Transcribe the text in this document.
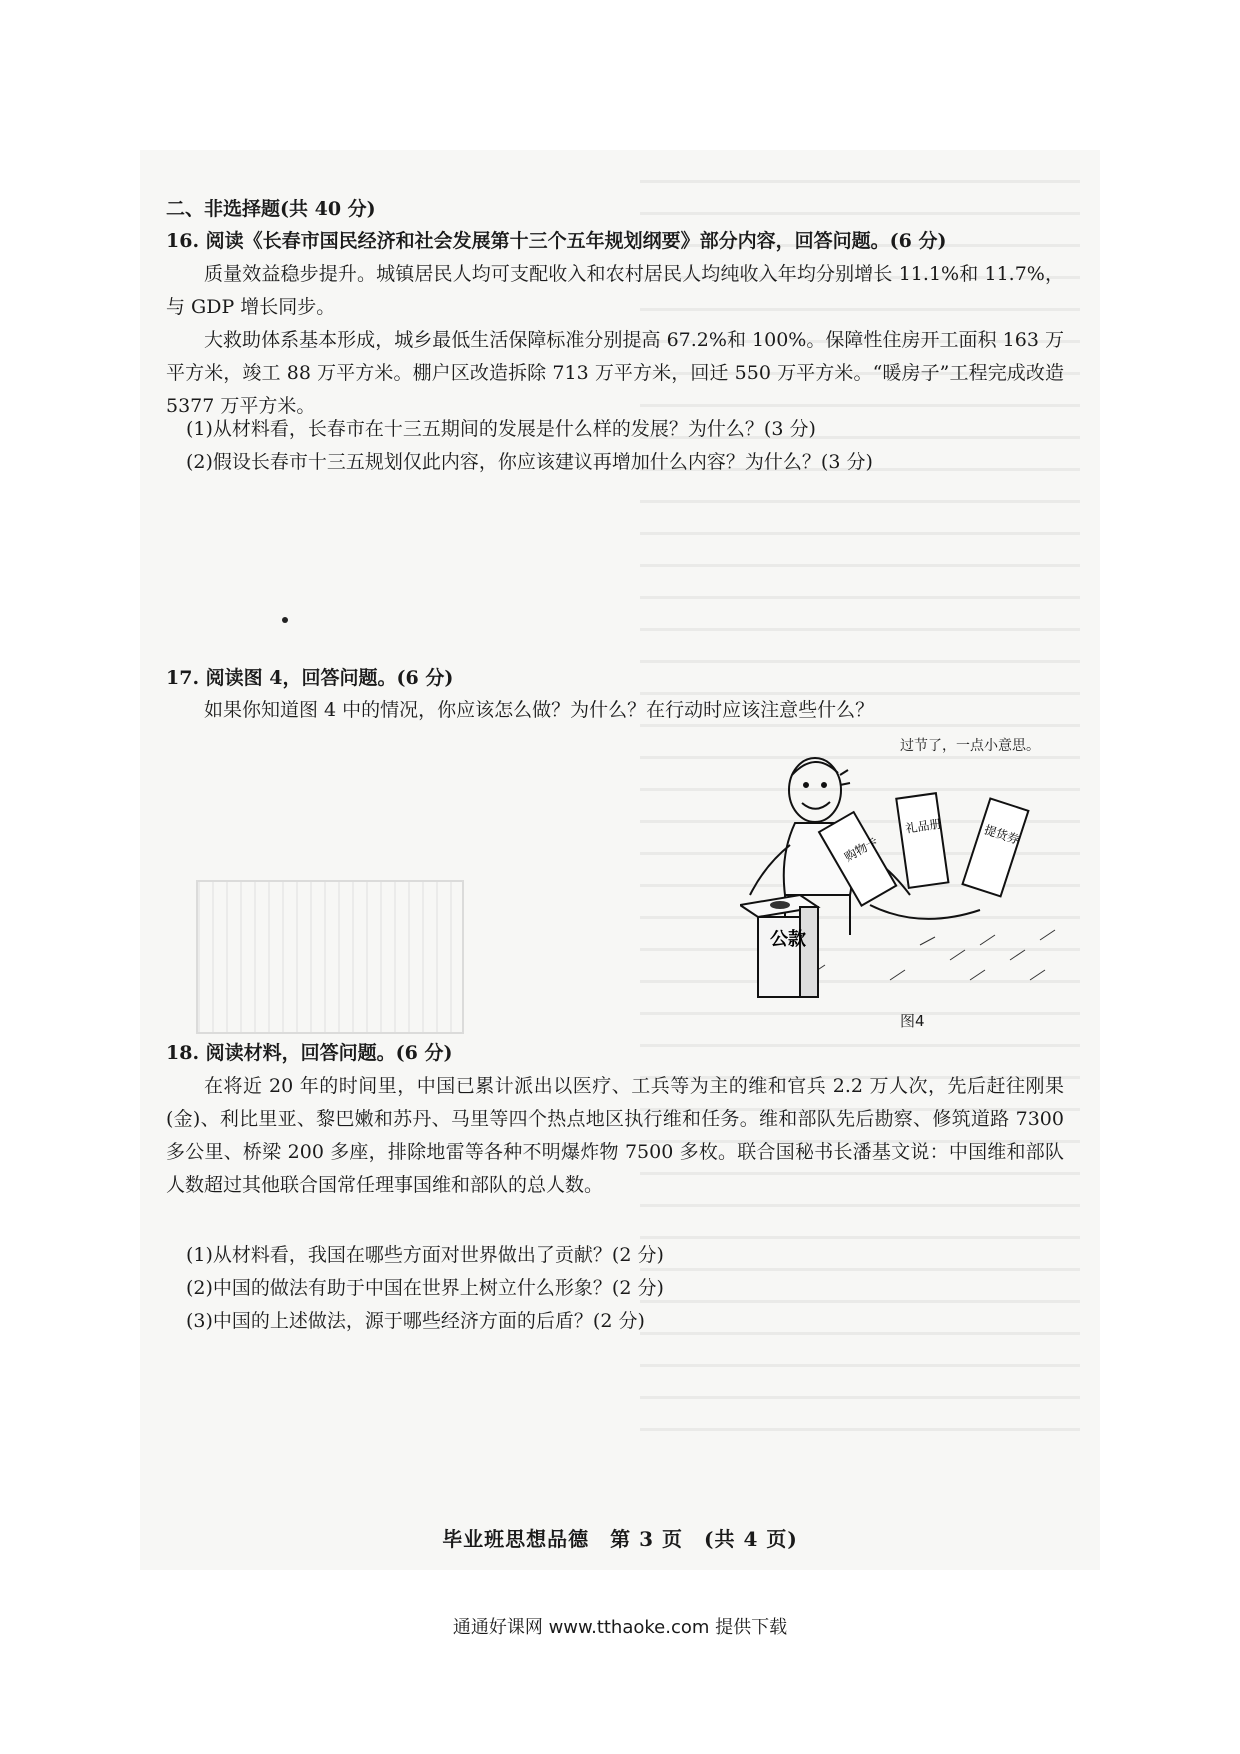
二、非选择题(共 40 分)
16. 阅读《长春市国民经济和社会发展第十三个五年规划纲要》部分内容，回答问题。(6 分)
质量效益稳步提升。城镇居民人均可支配收入和农村居民人均纯收入年均分别增长 11.1%和 11.7%，与 GDP 增长同步。
大救助体系基本形成，城乡最低生活保障标准分别提高 67.2%和 100%。保障性住房开工面积 163 万平方米，竣工 88 万平方米。棚户区改造拆除 713 万平方米，回迁 550 万平方米。“暖房子”工程完成改造 5377 万平方米。
(1)从材料看，长春市在十三五期间的发展是什么样的发展？为什么？(3 分)
(2)假设长春市十三五规划仅此内容，你应该建议再增加什么内容？为什么？(3 分)
17. 阅读图 4，回答问题。(6 分)
如果你知道图 4 中的情况，你应该怎么做？为什么？在行动时应该注意些什么？
过节了，一点小意思。
公款
购物卡
礼品册	提货券
图4
18. 阅读材料，回答问题。(6 分)
在将近 20 年的时间里，中国已累计派出以医疗、工兵等为主的维和官兵 2.2 万人次，先后赶往刚果(金)、利比里亚、黎巴嫩和苏丹、马里等四个热点地区执行维和任务。维和部队先后勘察、修筑道路 7300 多公里、桥梁 200 多座，排除地雷等各种不明爆炸物 7500 多枚。联合国秘书长潘基文说：中国维和部队人数超过其他联合国常任理事国维和部队的总人数。
(1)从材料看，我国在哪些方面对世界做出了贡献？(2 分)
(2)中国的做法有助于中国在世界上树立什么形象？(2 分)
(3)中国的上述做法，源于哪些经济方面的后盾？(2 分)
毕业班思想品德　第 3 页　(共 4 页)
通通好课网 www.tthaoke.com 提供下载
